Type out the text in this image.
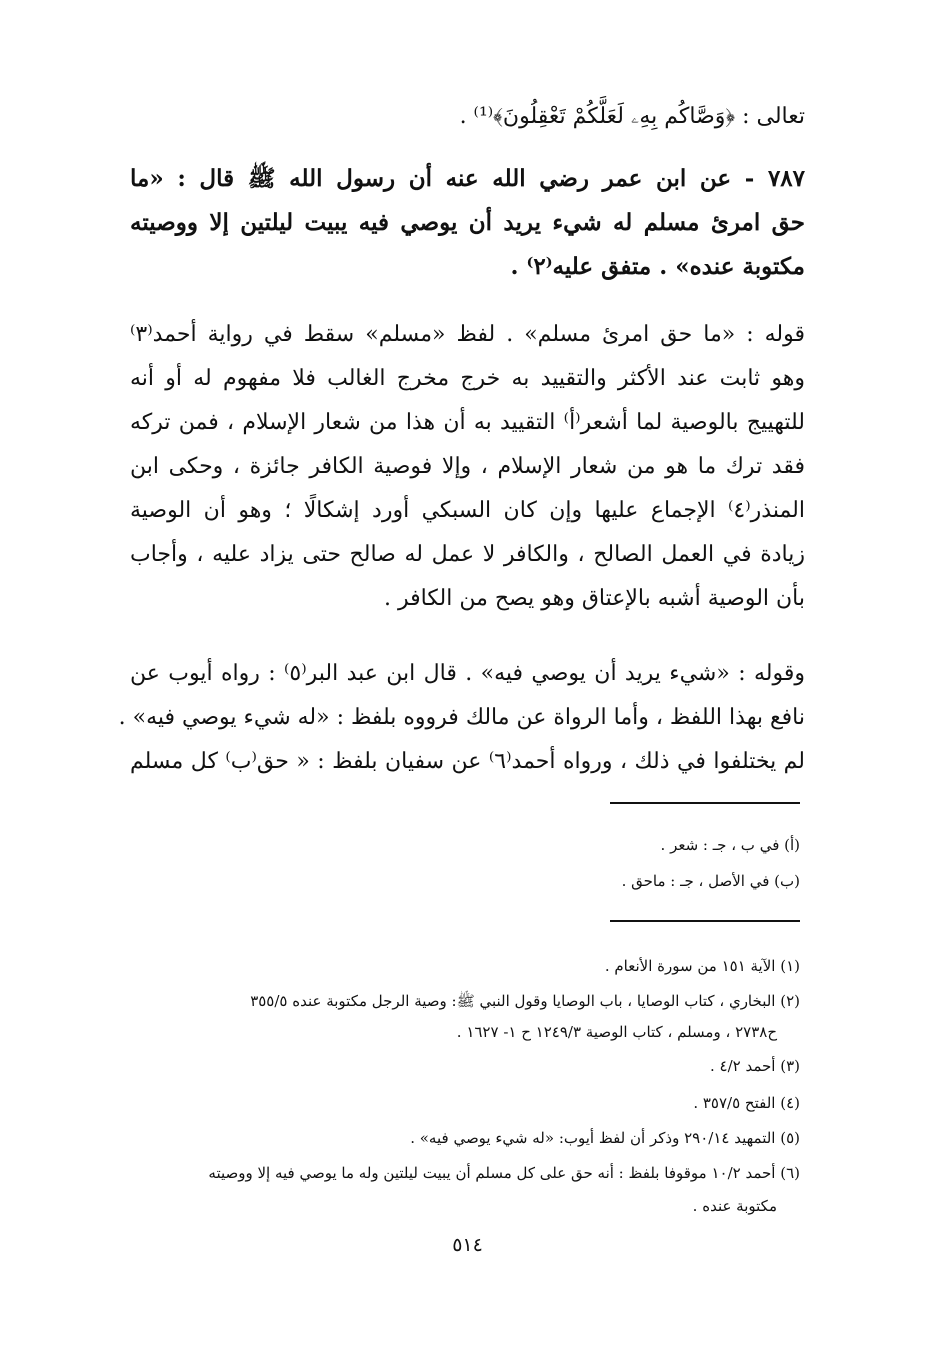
تعالى : ﴿وَصَّاكُم بِهِۦ لَعَلَّكُمْ تَعْقِلُونَ﴾⁽¹⁾ .
٧٨٧ - عن ابن عمر رضي الله عنه أن رسول الله ﷺ قال : «ما
حق امرئ مسلم له شيء يريد أن يوصي فيه يبيت ليلتين إلا ووصيته
مكتوبة عنده» . متفق عليه⁽٢⁾ .
قوله : «ما حق امرئ مسلم» . لفظ «مسلم» سقط في رواية أحمد⁽٣⁾
وهو ثابت عند الأكثر والتقييد به خرج مخرج الغالب فلا مفهوم له أو أنه
للتهييج بالوصية لما أشعر⁽أ⁾ التقييد به أن هذا من شعار الإسلام ، فمن تركه
فقد ترك ما هو من شعار الإسلام ، وإلا فوصية الكافر جائزة ، وحكى ابن
المنذر⁽٤⁾ الإجماع عليها وإن كان السبكي أورد إشكالًا ؛ وهو أن الوصية
زيادة في العمل الصالح ، والكافر لا عمل له صالح حتى يزاد عليه ، وأجاب
بأن الوصية أشبه بالإعتاق وهو يصح من الكافر .
وقوله : «شيء يريد أن يوصي فيه» . قال ابن عبد البر⁽٥⁾ : رواه أيوب عن
نافع بهذا اللفظ ، وأما الرواة عن مالك فرووه بلفظ : «له شيء يوصي فيه» .
لم يختلفوا في ذلك ، ورواه أحمد⁽٦⁾ عن سفيان بلفظ : « حق⁽ب⁾ كل مسلم
(أ) في ب ، جـ : شعر .
(ب) في الأصل ، جـ : ماحق .
(١) الآية ١٥١ من سورة الأنعام .
(٢) البخاري ، كتاب الوصايا ، باب الوصايا وقول النبي ﷺ: وصية الرجل مكتوبة عنده ٣٥٥/٥
ح٢٧٣٨ ، ومسلم ، كتاب الوصية ١٢٤٩/٣ ح ١- ١٦٢٧ .
(٣) أحمد ٤/٢ .
(٤) الفتح ٣٥٧/٥ .
(٥) التمهيد ٢٩٠/١٤ وذكر أن لفظ أيوب: «له شيء يوصي فيه» .
(٦) أحمد ١٠/٢ موقوفا بلفظ : أنه حق على كل مسلم أن يبيت ليلتين وله ما يوصي فيه إلا ووصيته
مكتوبة عنده .
٥١٤
